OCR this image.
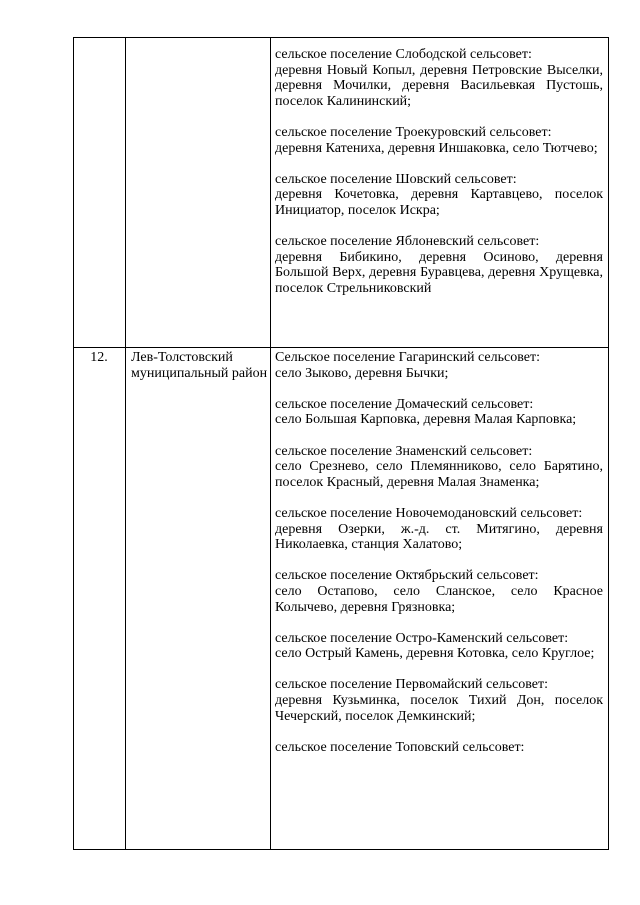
сельское поселение Слободской сельсовет:
деревня Новый Копыл, деревня Петровские Выселки, деревня Мочилки, деревня Васильевкая Пустошь, поселок Калининский;

сельское поселение Троекуровский сельсовет:
деревня Катениха, деревня Иншаковка, село Тютчево;

сельское поселение Шовский сельсовет:
деревня Кочетовка, деревня Картавцево, поселок Инициатор, поселок Искра;

сельское поселение Яблоневский сельсовет:
деревня Бибикино, деревня Осиново, деревня Большой Верх, деревня Буравцева, деревня Хрущевка, поселок Стрельниковский

12.	Лев-Толстовский муниципальный район

Сельское поселение Гагаринский сельсовет:
село Зыково, деревня Бычки;

сельское поселение Домаческий сельсовет:
село Большая Карповка, деревня Малая Карповка;

сельское поселение Знаменский сельсовет:
село Срезнево, село Племянниково, село Барятино, поселок Красный, деревня Малая Знаменка;

сельское поселение Новочемодановский сельсовет:
деревня Озерки, ж.-д. ст. Митягино, деревня Николаевка, станция Халатово;

сельское поселение Октябрьский сельсовет:
село Остапово, село Сланское, село Красное Колычево, деревня Грязновка;

сельское поселение Остро-Каменский сельсовет:
село Острый Камень, деревня Котовка, село Круглое;

сельское поселение Первомайский сельсовет:
деревня Кузьминка, поселок Тихий Дон, поселок Чечерский, поселок Демкинский;

сельское поселение Топовский сельсовет:
